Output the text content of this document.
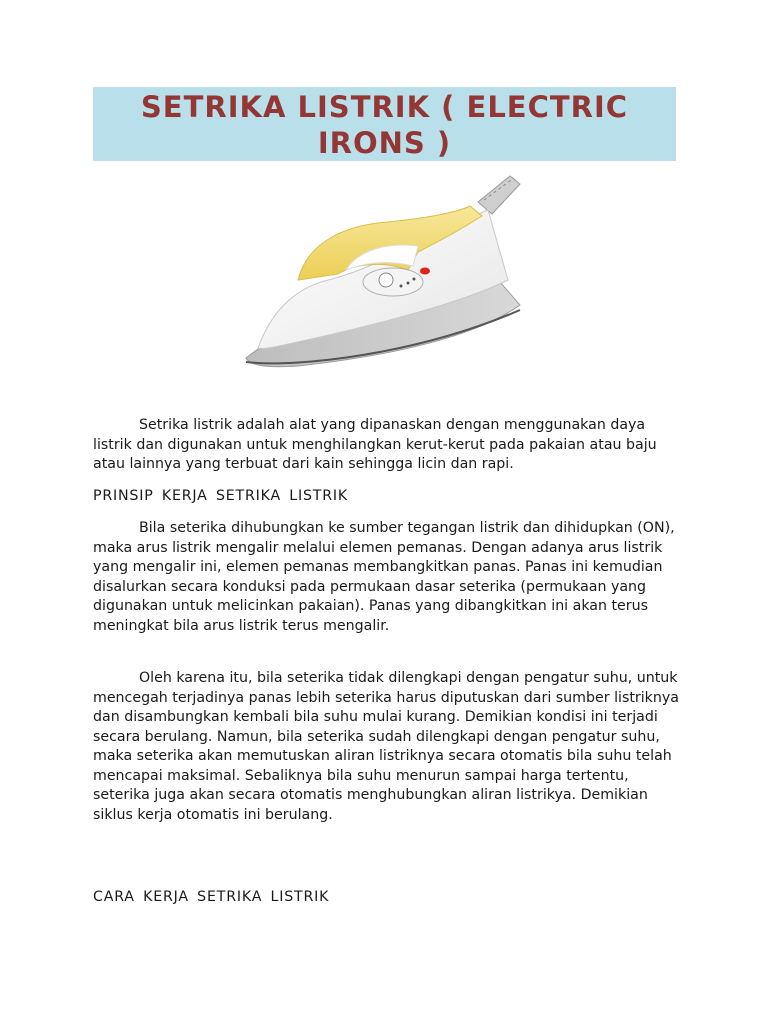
SETRIKA LISTRIK ( ELECTRIC IRONS )

Setrika listrik adalah alat yang dipanaskan dengan menggunakan daya listrik dan digunakan untuk menghilangkan kerut-kerut pada pakaian atau baju atau lainnya yang terbuat dari kain sehingga licin dan rapi.

PRINSIP KERJA SETRIKA LISTRIK

Bila seterika dihubungkan ke sumber tegangan listrik dan dihidupkan (ON), maka arus listrik mengalir melalui elemen pemanas. Dengan adanya arus listrik yang mengalir ini, elemen pemanas membangkitkan panas. Panas ini kemudian disalurkan secara konduksi pada permukaan dasar seterika (permukaan yang digunakan untuk melicinkan pakaian). Panas yang dibangkitkan ini akan terus meningkat bila arus listrik terus mengalir.

Oleh karena itu, bila seterika tidak dilengkapi dengan pengatur suhu, untuk mencegah terjadinya panas lebih seterika harus diputuskan dari sumber listriknya dan disambungkan kembali bila suhu mulai kurang. Demikian kondisi ini terjadi secara berulang. Namun, bila seterika sudah dilengkapi dengan pengatur suhu, maka seterika akan memutuskan aliran listriknya secara otomatis bila suhu telah mencapai maksimal. Sebaliknya bila suhu menurun sampai harga tertentu, seterika juga akan secara otomatis menghubungkan aliran listrikya. Demikian siklus kerja otomatis ini berulang.

CARA KERJA SETRIKA LISTRIK
